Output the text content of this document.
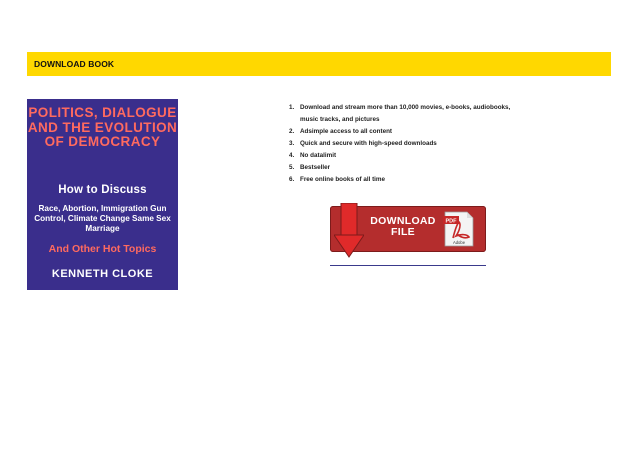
DOWNLOAD BOOK
POLITICS, DIALOGUE AND THE EVOLUTION OF DEMOCRACY
How to Discuss
Race, Abortion, Immigration Gun Control, Climate Change Same Sex Marriage
And Other Hot Topics
KENNETH CLOKE
1. Download and stream more than 10,000 movies, e-books, audiobooks, music tracks, and pictures
2. Adsimple access to all content
3. Quick and secure with high-speed downloads
4. No datalimit
5. Bestseller
6. Free online books of all time
DOWNLOAD
FILE
PDF
Adobe
